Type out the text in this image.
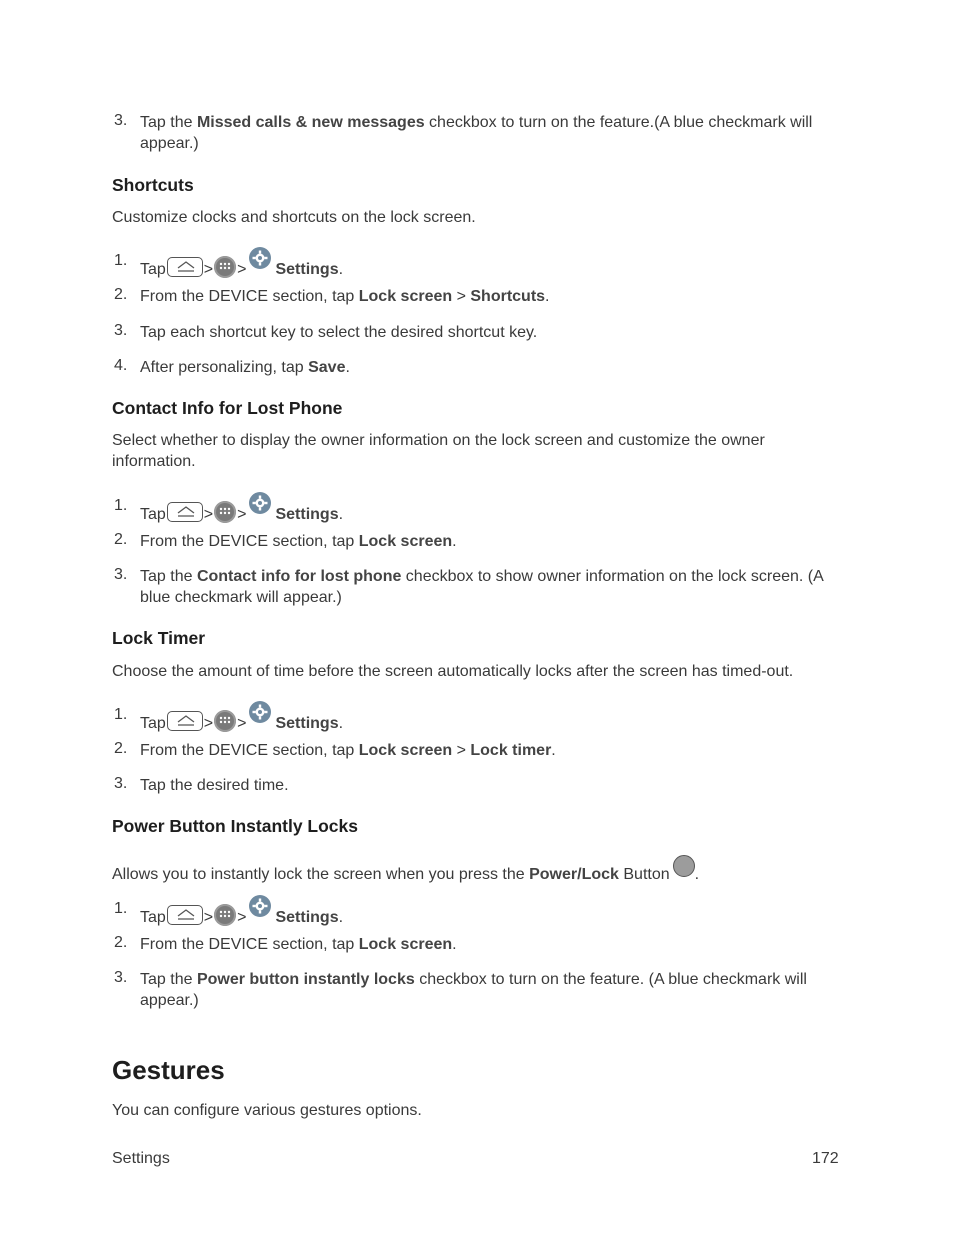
3. Tap the Missed calls & new messages checkbox to turn on the feature.(A blue checkmark will appear.)
Shortcuts
Customize clocks and shortcuts on the lock screen.
1.
Tap > > Settings.
2. From the DEVICE section, tap Lock screen > Shortcuts.
3. Tap each shortcut key to select the desired shortcut key.
4. After personalizing, tap Save.
Contact Info for Lost Phone
Select whether to display the owner information on the lock screen and customize the owner information.
1.
Tap > > Settings.
2. From the DEVICE section, tap Lock screen.
3. Tap the Contact info for lost phone checkbox to show owner information on the lock screen. (A blue checkmark will appear.)
Lock Timer
Choose the amount of time before the screen automatically locks after the screen has timed-out.
1.
Tap > > Settings.
2. From the DEVICE section, tap Lock screen > Lock timer.
3. Tap the desired time.
Power Button Instantly Locks
Allows you to instantly lock the screen when you press the Power/Lock Button .
1.
Tap > > Settings.
2. From the DEVICE section, tap Lock screen.
3. Tap the Power button instantly locks checkbox to turn on the feature. (A blue checkmark will appear.)
Gestures
You can configure various gestures options.
Settings	172
